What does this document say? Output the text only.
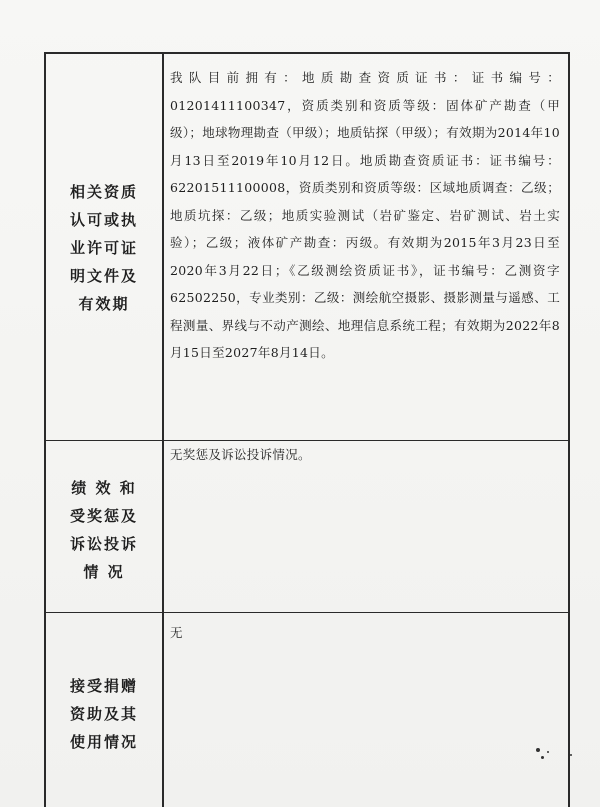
相关资质
认可或执
业许可证
明文件及
有效期
我队目前拥有：地质勘查资质证书：证书编号：01201411100347，资质类别和资质等级：固体矿产勘查（甲级）；地球物理勘查（甲级）；地质钻探（甲级）；有效期为2014年10月13日至2019年10月12日。地质勘查资质证书：证书编号：62201511100008，资质类别和资质等级：区域地质调查：乙级；地质坑探：乙级；地质实验测试（岩矿鉴定、岩矿测试、岩土实验）；乙级；液体矿产勘查：丙级。有效期为2015年3月23日至2020年3月22日；《乙级测绘资质证书》，证书编号：乙测资字62502250，专业类别：乙级：测绘航空摄影、摄影测量与遥感、工程测量、界线与不动产测绘、地理信息系统工程；有效期为2022年8月15日至2027年8月14日。
绩 效 和
受奖惩及
诉讼投诉
情 况
无奖惩及诉讼投诉情况。
接受捐赠
资助及其
使用情况
无
